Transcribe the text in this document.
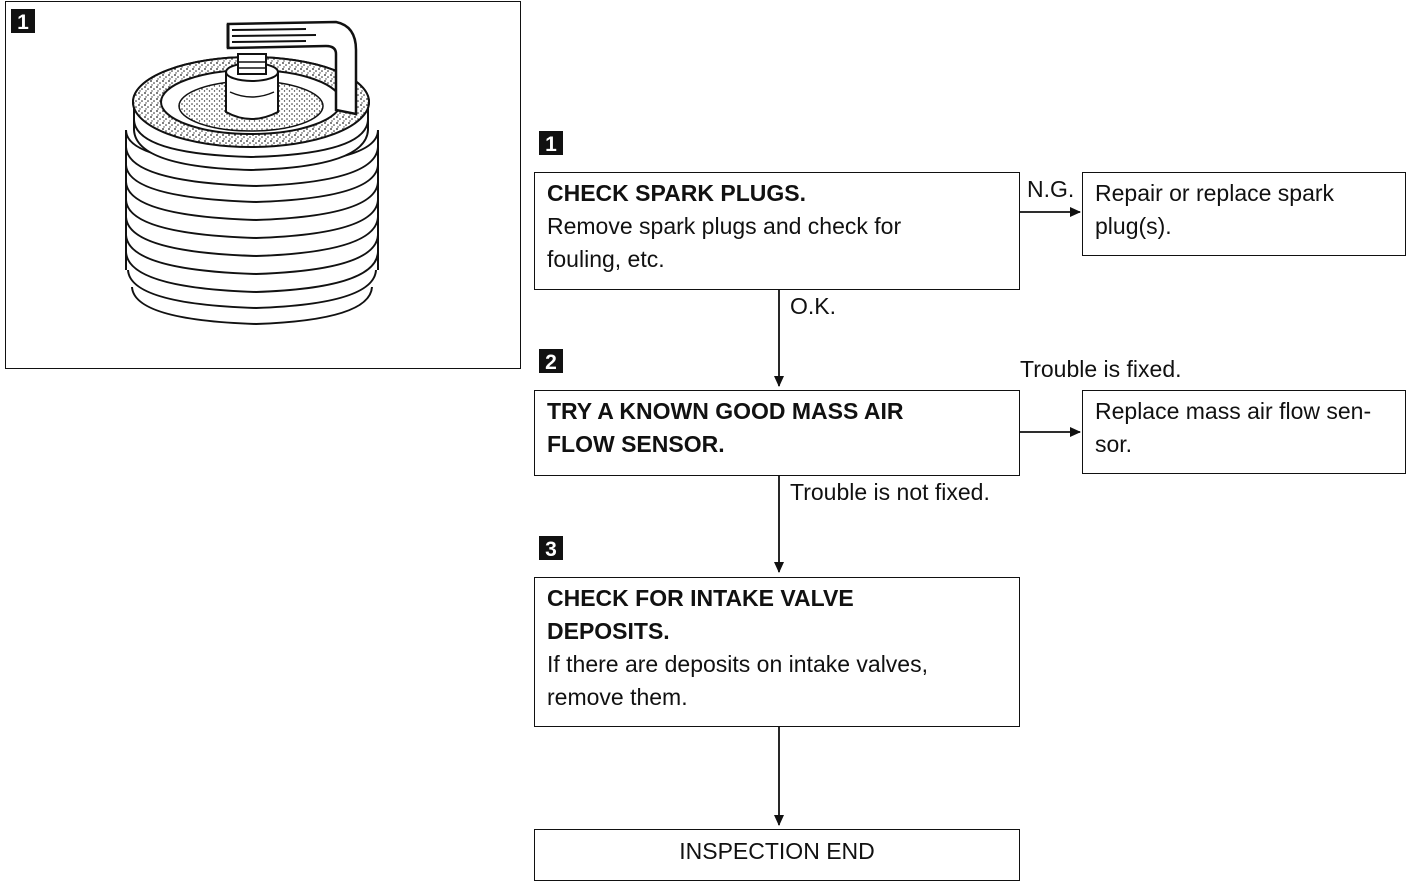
1
1
CHECK SPARK PLUGS.
Remove spark plugs and check for
fouling, etc.
N.G. Repair or replace spark
plug(s).
O.K.
2	Trouble is fixed.
TRY A KNOWN GOOD MASS AIR
FLOW SENSOR.
Replace mass air flow sen-
sor.
Trouble is not fixed.
3
CHECK FOR INTAKE VALVE
DEPOSITS.
If there are deposits on intake valves,
remove them.
INSPECTION END
